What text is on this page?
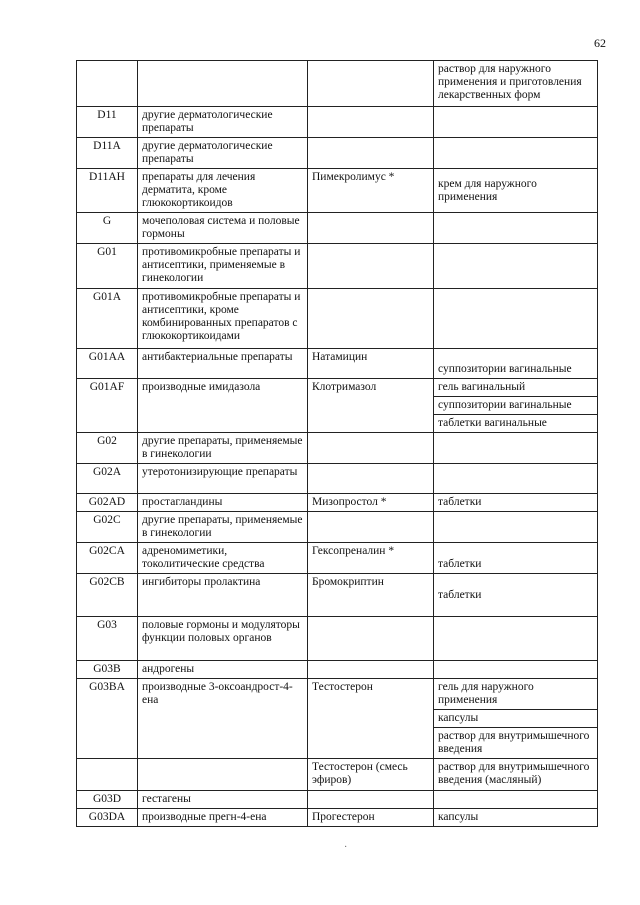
62

			раствор для наружного применения и приготовления лекарственных форм

D11	другие дерматологические препараты		

D11A	другие дерматологические препараты		

D11AH	препараты для лечения дерматита, кроме глюкокортикоидов	Пимекролимус *	крем для наружного применения

G	мочеполовая система и половые гормоны		

G01	противомикробные препараты и антисептики, применяемые в гинекологии		

G01A	противомикробные препараты и антисептики, кроме комбинированных препаратов с глюкокортикоидами		

G01AA	антибактериальные препараты	Натамицин	суппозитории вагинальные

G01AF	производные имидазола	Клотримазол	гель вагинальный
суппозитории вагинальные
таблетки вагинальные

G02	другие препараты, применяемые в гинекологии		

G02A	утеротонизирующие препараты		

G02AD	простагландины	Мизопростол *	таблетки

G02C	другие препараты, применяемые в гинекологии		

G02CA	адреномиметики, токолитические средства	Гексопреналин *	таблетки

G02CB	ингибиторы пролактина	Бромокриптин	таблетки

G03	половые гормоны и модуляторы функции половых органов		

G03B	андрогены		

G03BA	производные 3-оксоандрост-4-ена	Тестостерон	гель для наружного применения
капсулы
раствор для внутримышечного введения

		Тестостерон (смесь эфиров)	раствор для внутримышечного введения (масляный)

G03D	гестагены		

G03DA	производные прегн-4-ена	Прогестерон	капсулы
·
